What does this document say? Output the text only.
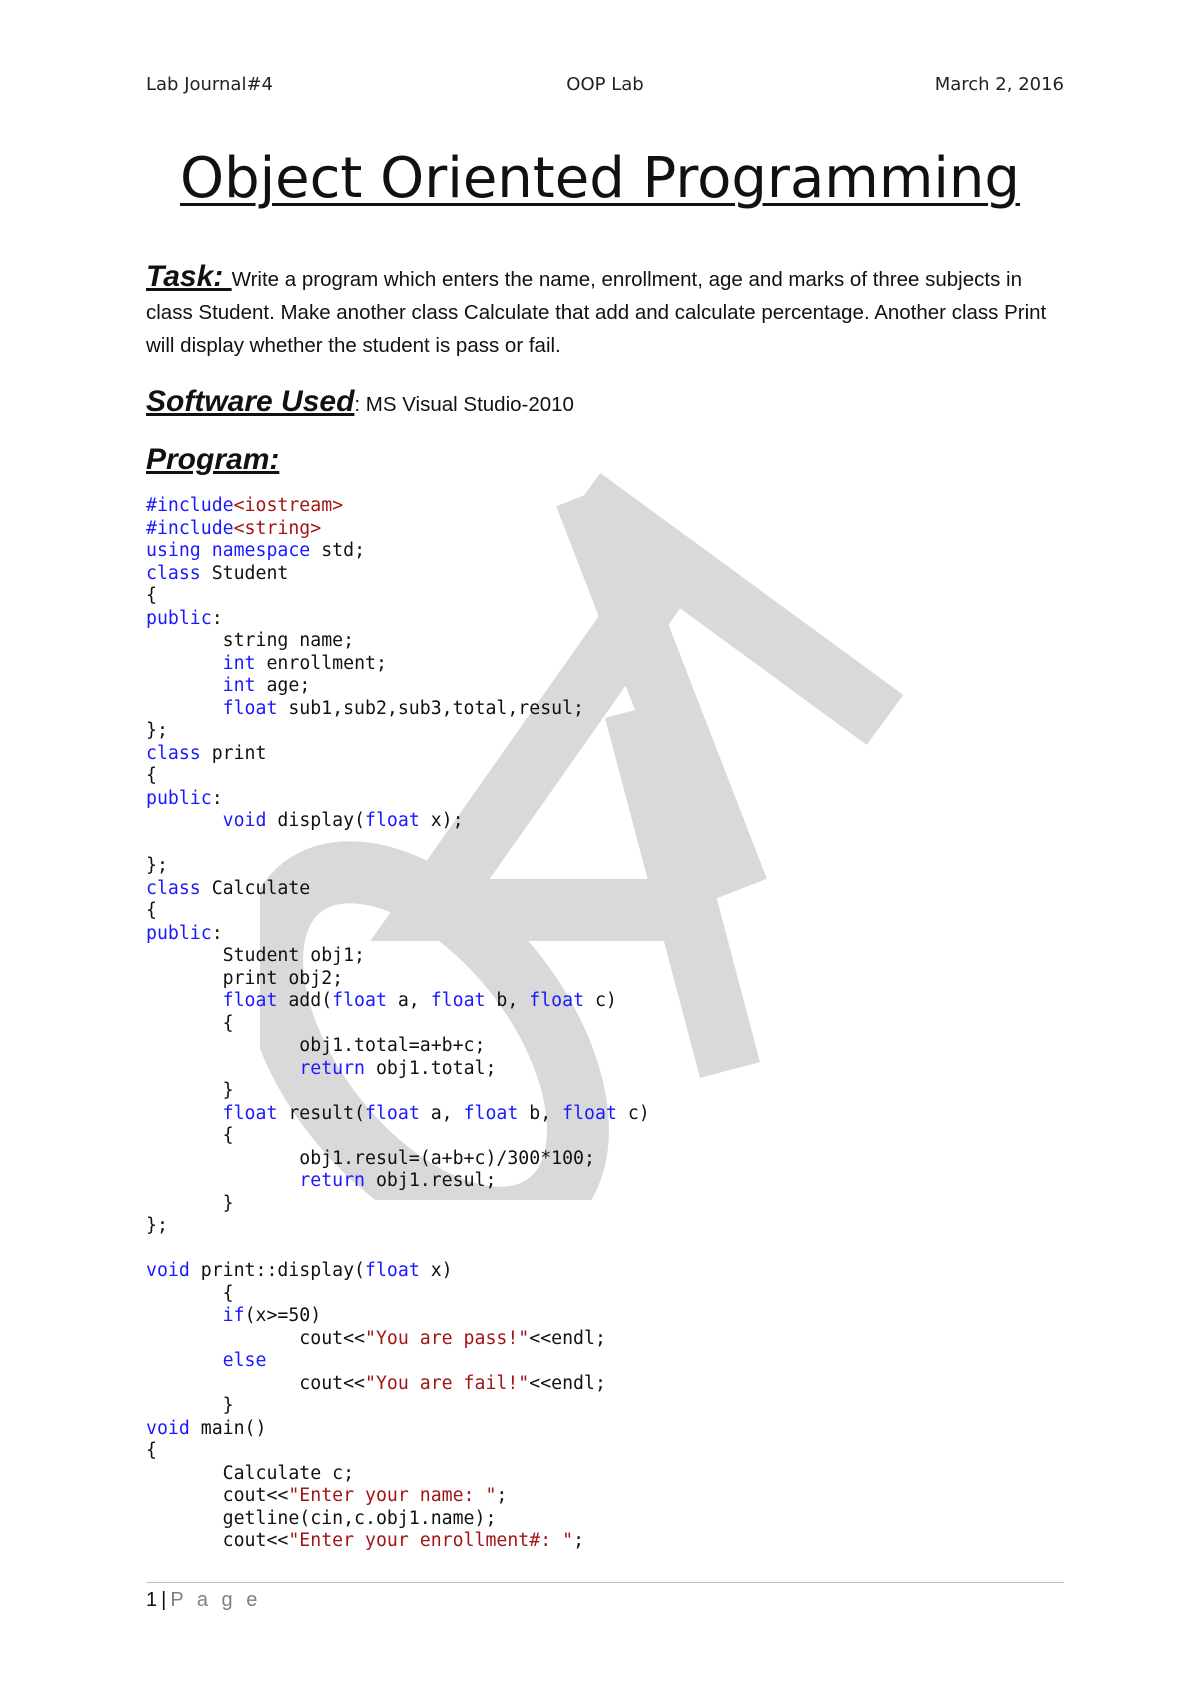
Lab Journal#4	OOP Lab	March 2, 2016
Object Oriented Programming
Task: Write a program which enters the name, enrollment, age and marks of three subjects in class Student. Make another class Calculate that add and calculate percentage. Another class Print will display whether the student is pass or fail.
Software Used: MS Visual Studio-2010
Program:
#include<iostream>
#include<string>
using namespace std;
class Student
{
public:
string name;
int enrollment;
int age;
float sub1,sub2,sub3,total,resul;
};
class print
{
public:
void display(float x);
};
class Calculate
{
public:
Student obj1;
print obj2;
float add(float a, float b, float c)
{
obj1.total=a+b+c;
return obj1.total;
}
float result(float a, float b, float c)
{
obj1.resul=(a+b+c)/300*100;
return obj1.resul;
}
};
void print::display(float x)
{
if(x>=50)
cout<<"You are pass!"<<endl;
else
cout<<"You are fail!"<<endl;
}
void main()
{
Calculate c;
cout<<"Enter your name: ";
getline(cin,c.obj1.name);
cout<<"Enter your enrollment#: ";
1 | P a g e
